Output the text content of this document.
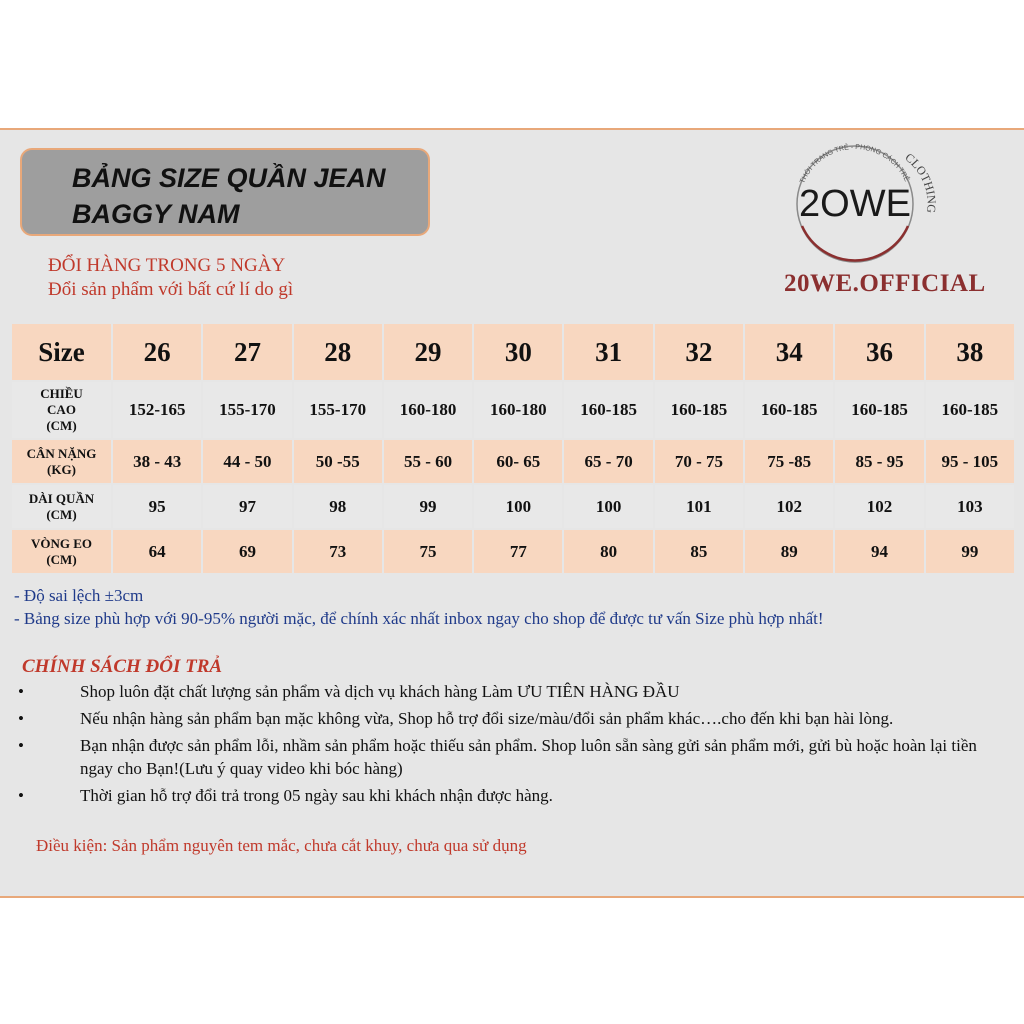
BẢNG SIZE QUẦN JEAN
BAGGY NAM
ĐỔI HÀNG TRONG 5 NGÀY
Đổi sản phẩm với bất cứ lí do gì
THỜI TRANG TRẺ - PHONG CÁCH TRẺ
CLOTHING
2OWE
20WE.OFFICIAL
Size	26	27	28	29	30	31	32	34	36	38
CHIỀU
CAO
(CM)	152-165	155-170	155-170	160-180	160-180	160-185	160-185	160-185	160-185	160-185
CÂN NẶNG
(KG)	38 - 43	44 - 50	50 -55	55 - 60	60- 65	65 - 70	70 - 75	75 -85	85 - 95	95 - 105
DÀI QUẦN
(CM)	95	97	98	99	100	100	101	102	102	103
VÒNG EO
(CM)	64	69	73	75	77	80	85	89	94	99
- Độ sai lệch ±3cm
- Bảng size phù hợp với 90-95% người mặc, để chính xác nhất inbox ngay cho shop để được tư vấn Size phù hợp nhất!
CHÍNH SÁCH ĐỔI TRẢ
•	Shop luôn đặt chất lượng sản phẩm và dịch vụ khách hàng Làm ƯU TIÊN HÀNG ĐẦU
•	Nếu nhận hàng sản phẩm bạn mặc không vừa, Shop hỗ trợ đổi size/màu/đổi sản phẩm khác….cho đến khi bạn hài lòng.
•	Bạn nhận được sản phẩm lỗi, nhầm sản phẩm hoặc thiếu sản phẩm. Shop luôn sẵn sàng gửi sản phẩm mới, gửi bù hoặc hoàn lại tiền ngay cho Bạn!(Lưu ý quay video khi bóc hàng)
•	Thời gian hỗ trợ đổi trả trong 05 ngày sau khi khách nhận được hàng.
Điều kiện: Sản phẩm nguyên tem mắc, chưa cắt khuy, chưa qua sử dụng
